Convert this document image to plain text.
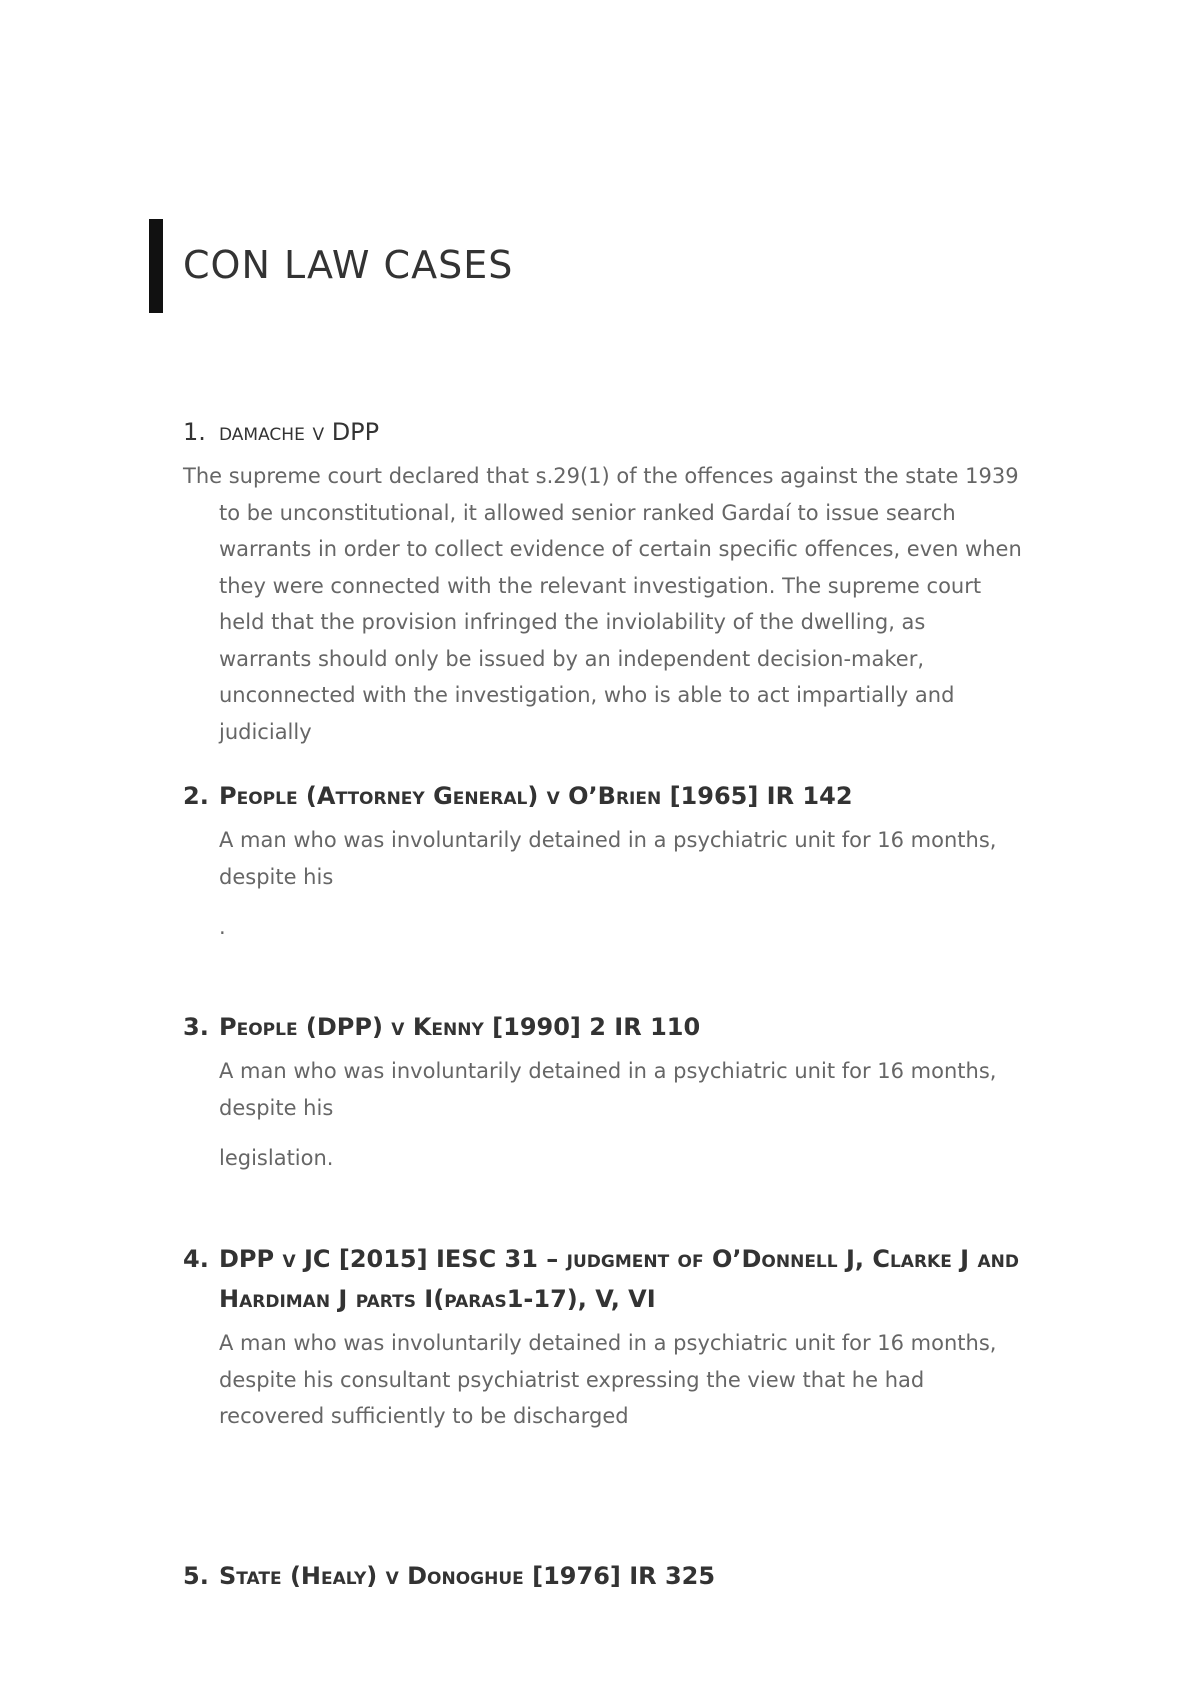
CON LAW CASES
1. damache v DPP

The supreme court declared that s.29(1) of the offences against the state 1939 to be unconstitutional, it allowed senior ranked Gardaí to issue search warrants in order to collect evidence of certain specific offences, even when they were connected with the relevant investigation. The supreme court held that the provision infringed the inviolability of the dwelling, as warrants should only be issued by an independent decision-maker, unconnected with the investigation, who is able to act impartially and judicially

2. People (Attorney General) v O’Brien [1965] IR 142

A man who was involuntarily detained in a psychiatric unit for 16 months, despite his

.

3. People (DPP) v Kenny [1990] 2 IR 110

A man who was involuntarily detained in a psychiatric unit for 16 months, despite his

legislation.

4. DPP v JC [2015] IESC 31 – judgment of O’Donnell J, Clarke J and
Hardiman J parts I(paras1-17), V, VI

A man who was involuntarily detained in a psychiatric unit for 16 months, despite his consultant psychiatrist expressing the view that he had recovered sufficiently to be discharged

5. State (Healy) v Donoghue [1976] IR 325
